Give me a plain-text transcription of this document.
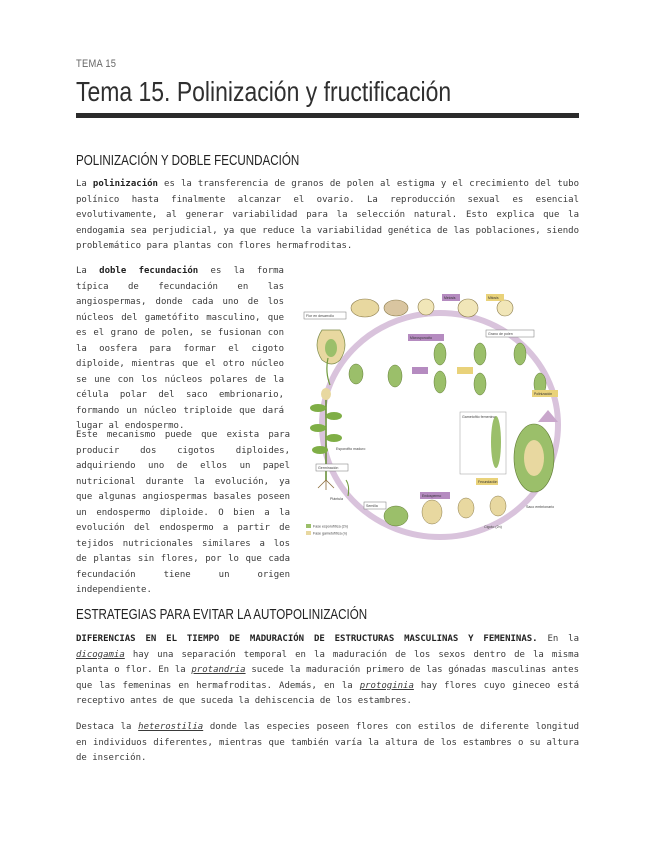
TEMA 15
Tema 15. Polinización y fructificación
POLINIZACIÓN Y DOBLE FECUNDACIÓN

La polinización es la transferencia de granos de polen al estigma y el crecimiento del tubo polínico hasta finalmente alcanzar el ovario. La reproducción sexual es esencial evolutivamente, al generar variabilidad para la selección natural. Esto explica que la endogamia sea perjudicial, ya que reduce la variabilidad genética de las poblaciones, siendo problemático para plantas con flores hermafroditas.

La doble fecundación es la forma típica de fecundación en las angiospermas, donde cada uno de los núcleos del gametófito masculino, que es el grano de polen, se fusionan con la oosfera para formar el cigoto diploide, mientras que el otro núcleo se une con los núcleos polares de la célula polar del saco embrionario, formando un núcleo triploide que dará lugar al endospermo.

Este mecanismo puede que exista para producir dos cigotos diploides, adquiriendo uno de ellos un papel nutricional durante la evolución, ya que algunas angiospermas basales poseen un endospermo diploide. O bien a la evolución del endospermo a partir de tejidos nutricionales similares a los de plantas sin flores, por lo que cada fecundación tiene un origen independiente.

Meiosis	Mitosis
Flor en desarrollo
Microsporocito
Grano de polen
Esporofito maduro
Germinación
Plántula
Gametofito femenino
Polinización
Fecundación
Endospermo
Semilla
Cigoto (2n)
Saco embrionario
Fase esporofítica (2n)
Fase gametofítica (n)
ESTRATEGIAS PARA EVITAR LA AUTOPOLINIZACIÓN

DIFERENCIAS EN EL TIEMPO DE MADURACIÓN DE ESTRUCTURAS MASCULINAS Y FEMENINAS. En la dicogamia hay una separación temporal en la maduración de los sexos dentro de la misma planta o flor. En la protandria sucede la maduración primero de las gónadas masculinas antes que las femeninas en hermafroditas. Además, en la protoginia hay flores cuyo gineceo está receptivo antes de que suceda la dehiscencia de los estambres.

Destaca la heterostilia donde las especies poseen flores con estilos de diferente longitud en individuos diferentes, mientras que también varía la altura de los estambres o su altura de inserción.
